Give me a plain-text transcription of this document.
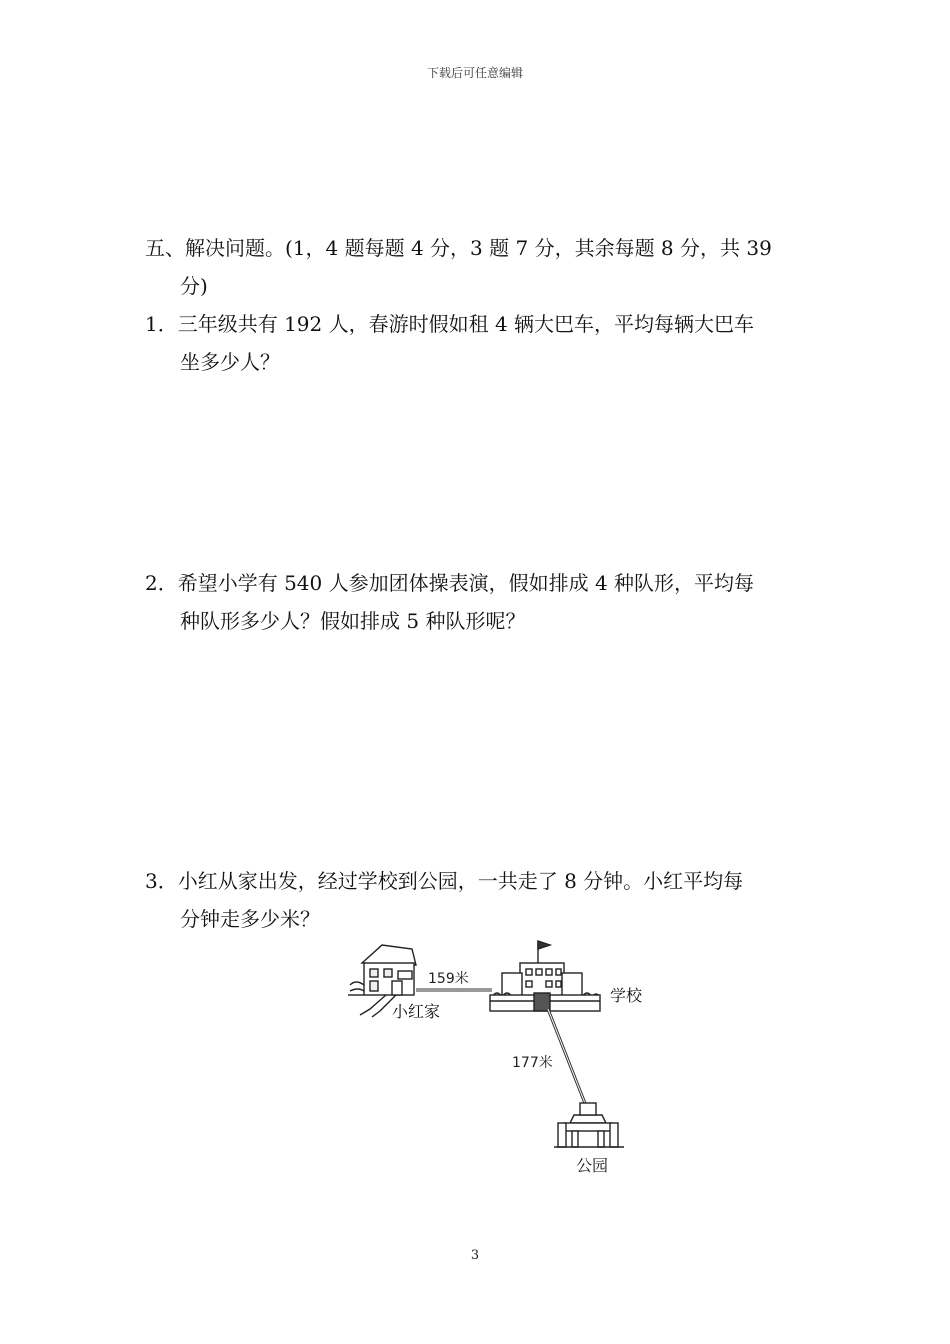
下载后可任意编辑
五、解决问题。(1，4 题每题 4 分，3 题 7 分，其余每题 8 分，共 39
分)
1．三年级共有 192 人，春游时假如租 4 辆大巴车，平均每辆大巴车
坐多少人？
2．希望小学有 540 人参加团体操表演，假如排成 4 种队形，平均每
种队形多少人？假如排成 5 种队形呢？
3．小红从家出发，经过学校到公园，一共走了 8 分钟。小红平均每
分钟走多少米？
159米
小红家
学校
177米
公园
3
